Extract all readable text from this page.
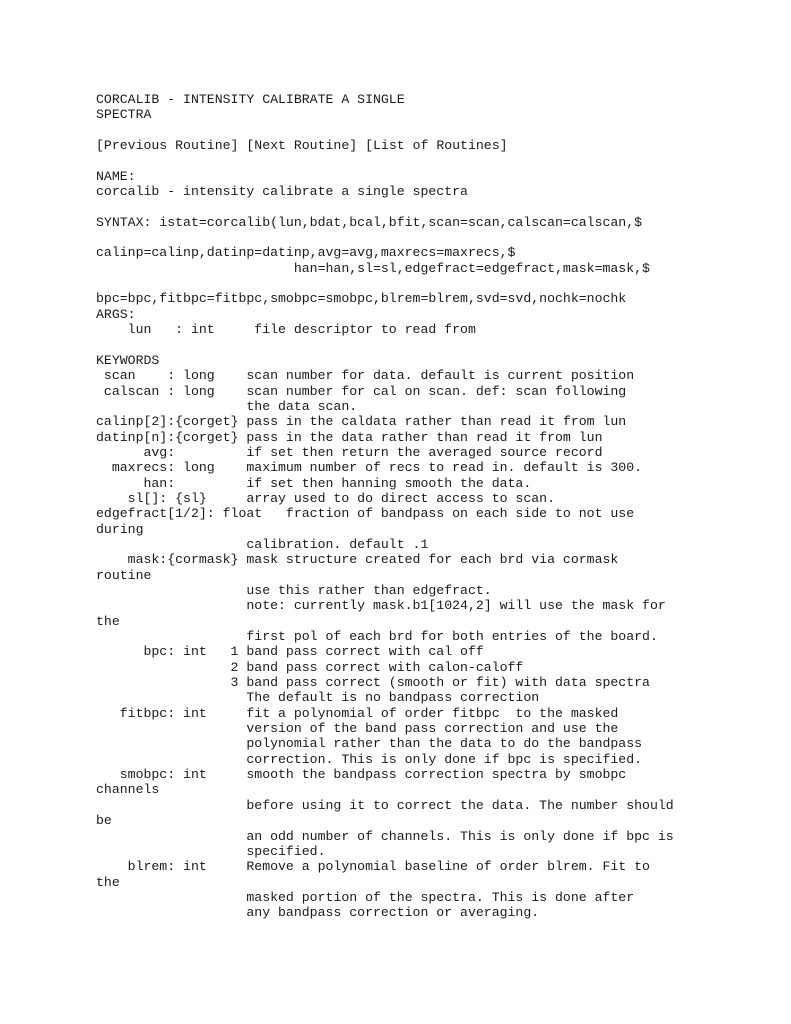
CORCALIB - INTENSITY CALIBRATE A SINGLE
SPECTRA
[Previous Routine] [Next Routine] [List of Routines]
NAME:
corcalib - intensity calibrate a single spectra
SYNTAX: istat=corcalib(lun,bdat,bcal,bfit,scan=scan,calscan=calscan,$
calinp=calinp,datinp=datinp,avg=avg,maxrecs=maxrecs,$
han=han,sl=sl,edgefract=edgefract,mask=mask,$
bpc=bpc,fitbpc=fitbpc,smobpc=smobpc,blrem=blrem,svd=svd,nochk=nochk
ARGS:
lun   : int     file descriptor to read from
KEYWORDS
scan    : long    scan number for data. default is current position
calscan : long    scan number for cal on scan. def: scan following
the data scan.
calinp[2]:{corget} pass in the caldata rather than read it from lun
datinp[n]:{corget} pass in the data rather than read it from lun
avg:         if set then return the averaged source record
maxrecs: long    maximum number of recs to read in. default is 300.
han:         if set then hanning smooth the data.
sl[]: {sl}     array used to do direct access to scan.
edgefract[1/2]: float   fraction of bandpass on each side to not use
during
calibration. default .1
mask:{cormask} mask structure created for each brd via cormask
routine
use this rather than edgefract.
note: currently mask.b1[1024,2] will use the mask for
the
first pol of each brd for both entries of the board.
bpc: int   1 band pass correct with cal off
2 band pass correct with calon-caloff
3 band pass correct (smooth or fit) with data spectra
The default is no bandpass correction
fitbpc: int     fit a polynomial of order fitbpc  to the masked
version of the band pass correction and use the
polynomial rather than the data to do the bandpass
correction. This is only done if bpc is specified.
smobpc: int     smooth the bandpass correction spectra by smobpc
channels
before using it to correct the data. The number should
be
an odd number of channels. This is only done if bpc is
specified.
blrem: int     Remove a polynomial baseline of order blrem. Fit to
the
masked portion of the spectra. This is done after
any bandpass correction or averaging.
